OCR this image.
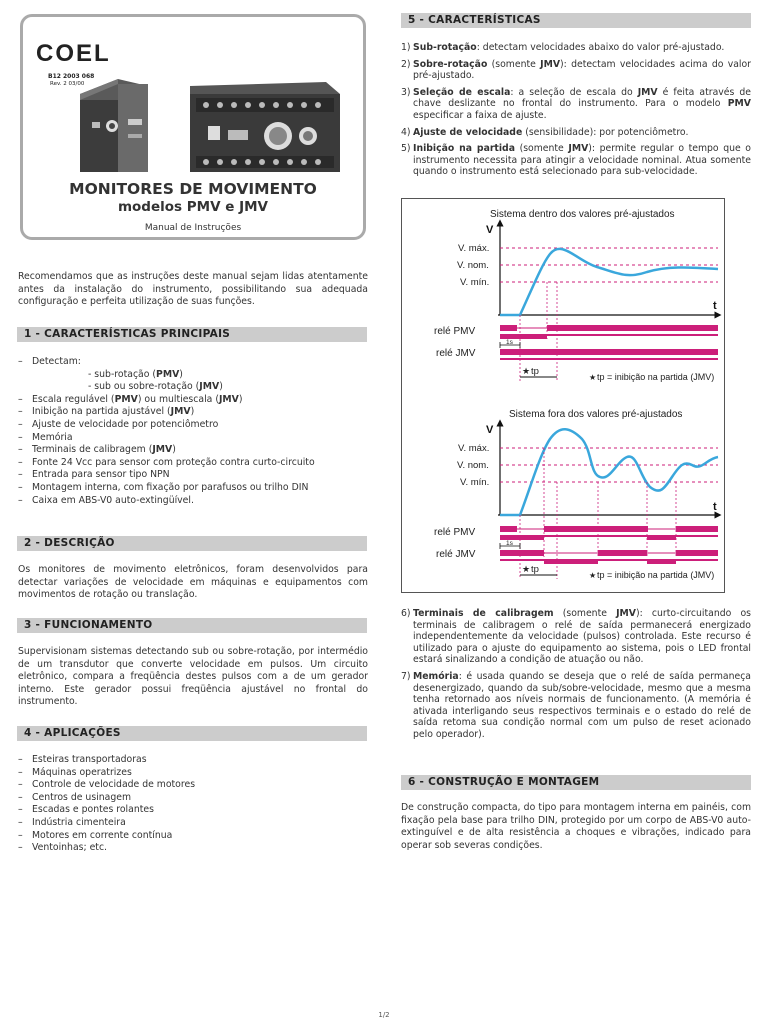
COEL
B12 2003 068
Rev. 2 03/00
MONITORES DE MOVIMENTO
modelos PMV e JMV
Manual de Instruções
Recomendamos que as instruções deste manual sejam lidas atentamente antes da instalação do instrumento, possibilitando sua adequada configuração e perfeita utilização de suas funções.
1 - CARACTERÍSTICAS PRINCIPAIS
– Detectam:
- sub-rotação (PMV)
- sub ou sobre-rotação (JMV)
– Escala regulável (PMV) ou multiescala (JMV)
– Inibição na partida ajustável (JMV)
– Ajuste de velocidade por potenciômetro
– Memória
– Terminais de calibragem (JMV)
– Fonte 24 Vcc para sensor com proteção contra curto-circuito
– Entrada para sensor tipo NPN
– Montagem interna, com fixação por parafusos ou trilho DIN
– Caixa em ABS-V0 auto-extingüível.
2 - DESCRIÇÃO
Os monitores de movimento eletrônicos, foram desenvolvidos para detectar variações de velocidade em máquinas e equipamentos com movimentos de rotação ou translação.
3 - FUNCIONAMENTO
Supervisionam sistemas detectando sub ou sobre-rotação, por intermédio de um transdutor que converte velocidade em pulsos. Um circuito eletrônico, compara a freqüência destes pulsos com a de um gerador interno. Este gerador possui freqüência ajustável no frontal do instrumento.
4 - APLICAÇÕES
– Esteiras transportadoras
– Máquinas operatrizes
– Controle de velocidade de motores
– Centros de usinagem
– Escadas e pontes rolantes
– Indústria cimenteira
– Motores em corrente contínua
– Ventoinhas; etc.
5 - CARACTERÍSTICAS
1) Sub-rotação: detectam velocidades abaixo do valor pré-ajustado.
2) Sobre-rotação (somente JMV): detectam velocidades acima do valor pré-ajustado.
3) Seleção de escala: a seleção de escala do JMV é feita através de chave deslizante no frontal do instrumento. Para o modelo PMV especificar a faixa de ajuste.
4) Ajuste de velocidade (sensibilidade): por potenciômetro.
5) Inibição na partida (somente JMV): permite regular o tempo que o instrumento necessita para atingir a velocidade nominal. Atua somente quando o instrumento está selecionado para sub-velocidade.
Sistema dentro dos valores pré-ajustados
V
t
V. máx.
V. nom.
V. mín.
relé PMV
1s
relé JMV
★ tp
★ tp = inibição na partida (JMV)
Sistema fora dos valores pré-ajustados
V
t
V. máx.
V. nom.
V. mín.
relé PMV
1s
relé JMV
★ tp
★ tp = inibição na partida (JMV)
6) Terminais de calibragem (somente JMV): curto-circuitando os terminais de calibragem o relé de saída permanecerá energizado independentemente da velocidade (pulsos) controlada. Este recurso é utilizado para o ajuste do equipamento ao sistema, pois o LED frontal estará sinalizando a condição de atuação ou não.
7) Memória: é usada quando se deseja que o relé de saída permaneça desenergizado, quando da sub/sobre-velocidade, mesmo que a mesma tenha retornado aos níveis normais de funcionamento. (A memória é ativada interligando seus respectivos terminais e o estado do relé de saída retoma sua condição normal com um pulso de reset acionado pelo operador).
6 - CONSTRUÇÃO E MONTAGEM
De construção compacta, do tipo para montagem interna em painéis, com fixação pela base para trilho DIN, protegido por um corpo de ABS-V0 auto-extinguível e de alta resistência a choques e vibrações, indicado para operar sob severas condições.
1/2
